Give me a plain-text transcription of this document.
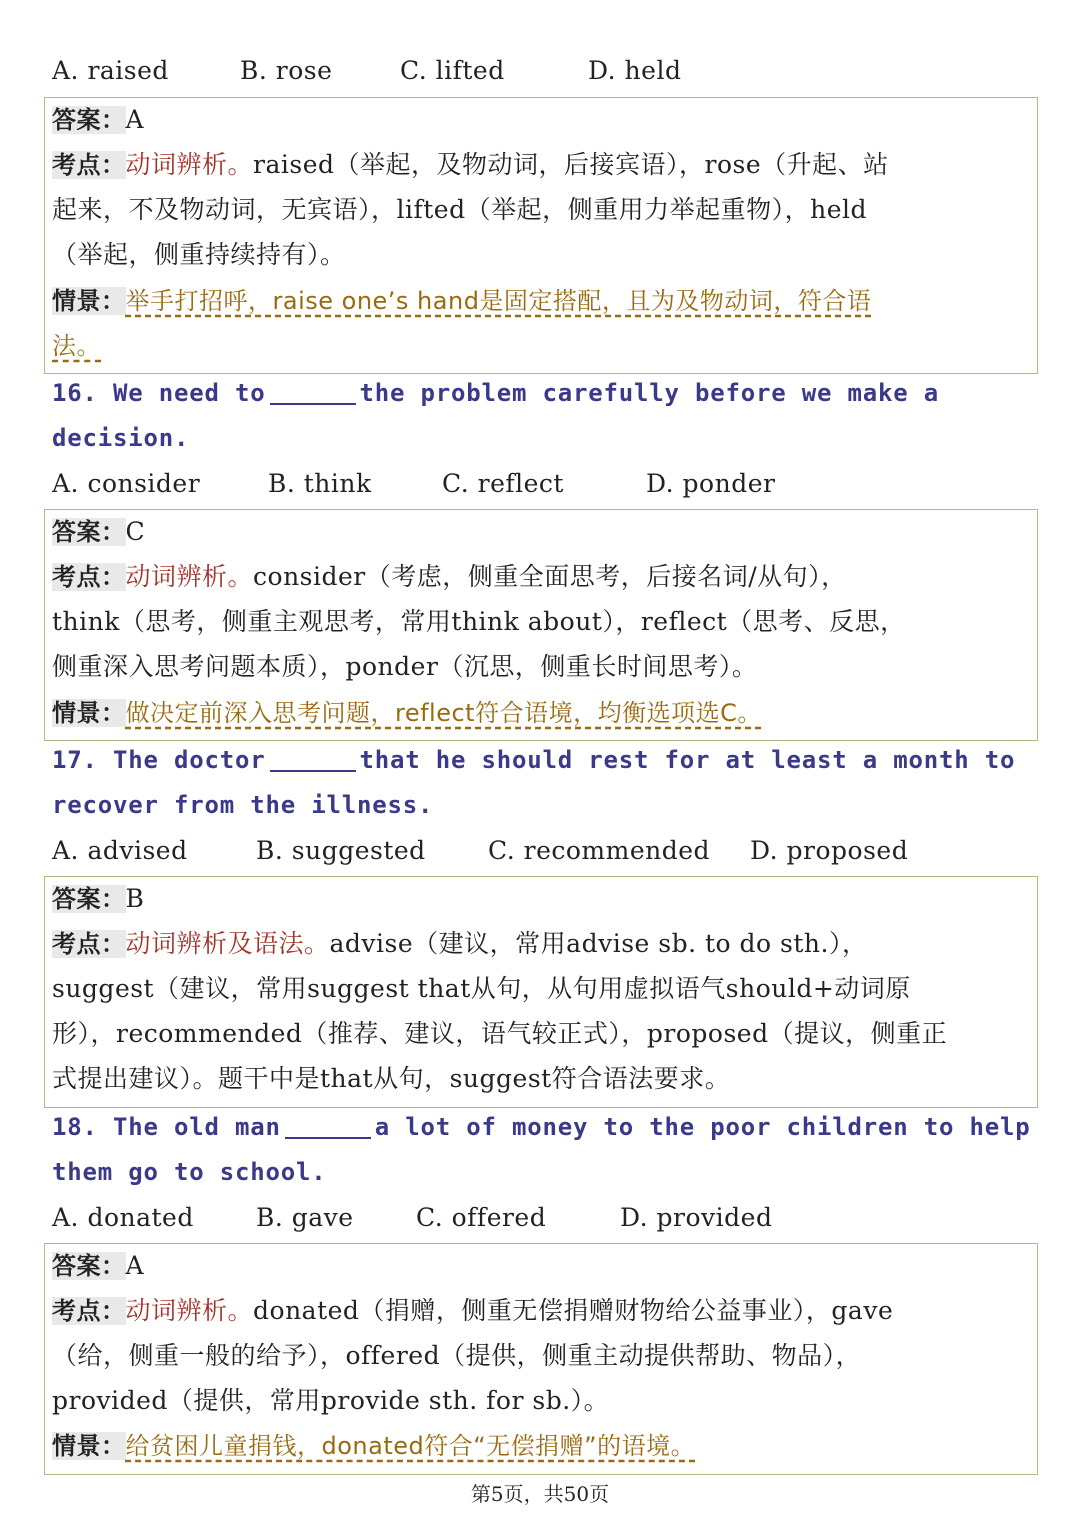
A. raised	B. rose	C. lifted	D. held
答案：A
考点：动词辨析。raised（举起，及物动词，后接宾语），rose（升起、站
起来，不及物动词，无宾语），lifted（举起，侧重用力举起重物），held
（举起，侧重持续持有）。
情景：举手打招呼，raise one’s hand是固定搭配，且为及物动词，符合语
法。
16. We need to	the problem carefully before we make a
decision.
A. consider	B. think	C. reflect	D. ponder
答案：C
考点：动词辨析。consider（考虑，侧重全面思考，后接名词/从句），
think（思考，侧重主观思考，常用think about），reflect（思考、反思，
侧重深入思考问题本质），ponder（沉思，侧重长时间思考）。
情景：做决定前深入思考问题，reflect符合语境，均衡选项选C。
17. The doctor	that he should rest for at least a month to
recover from the illness.
A. advised	B. suggested C. recommended D. proposed
答案：B
考点：动词辨析及语法。advise（建议，常用advise sb. to do sth.），
suggest（建议，常用suggest that从句，从句用虚拟语气should+动词原
形），recommended（推荐、建议，语气较正式），proposed（提议，侧重正
式提出建议）。题干中是that从句，suggest符合语法要求。
18. The old man	a lot of money to the poor children to help
them go to school.
A. donated B. gave C. offered	D. provided
答案：A
考点：动词辨析。donated（捐赠，侧重无偿捐赠财物给公益事业），gave
（给，侧重一般的给予），offered（提供，侧重主动提供帮助、物品），
provided（提供，常用provide sth. for sb.）。
情景：给贫困儿童捐钱，donated符合“无偿捐赠”的语境。
第5页，共50页
